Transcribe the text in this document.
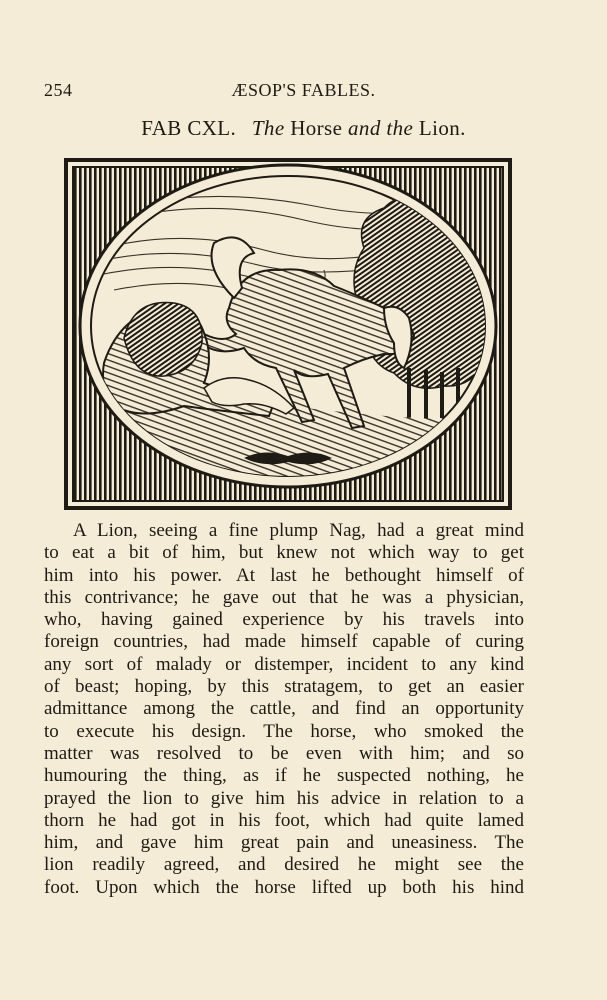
254	ÆSOP'S FABLES.
FAB CXL. The Horse and the Lion.
A Lion, seeing a fine plump Nag, had a great mind
to eat a bit of him, but knew not which way to get
him into his power. At last he bethought himself of
this contrivance; he gave out that he was a physician,
who, having gained experience by his travels into
foreign countries, had made himself capable of curing
any sort of malady or distemper, incident to any kind
of beast; hoping, by this stratagem, to get an easier
admittance among the cattle, and find an opportunity
to execute his design. The horse, who smoked the
matter was resolved to be even with him; and so
humouring the thing, as if he suspected nothing, he
prayed the lion to give him his advice in relation to a
thorn he had got in his foot, which had quite lamed
him, and gave him great pain and uneasiness. The
lion readily agreed, and desired he might see the
foot. Upon which the horse lifted up both his hind
